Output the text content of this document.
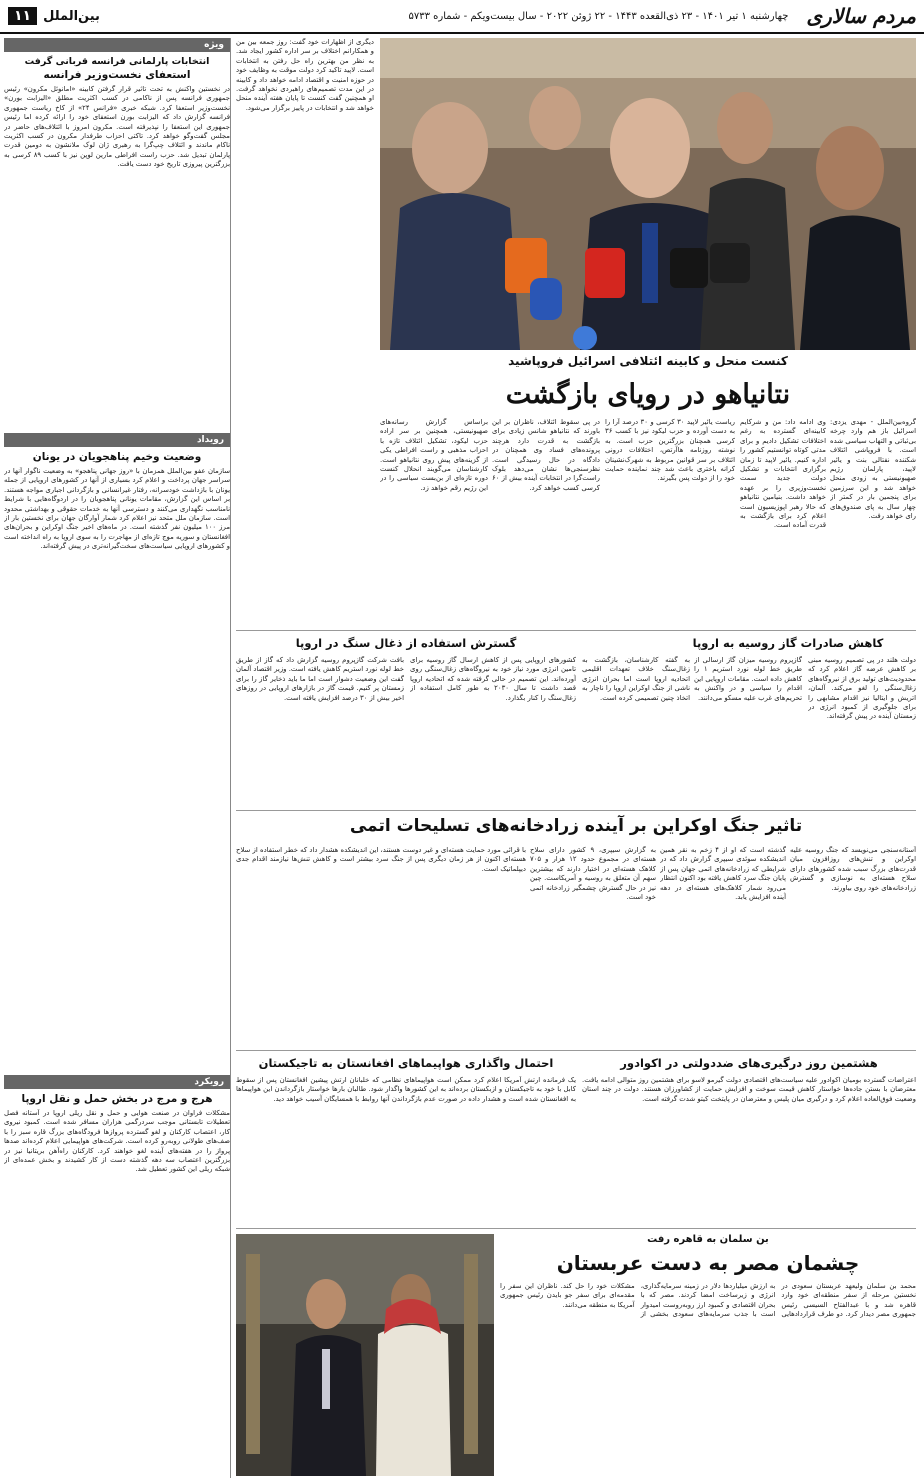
مردم سالاری
چهارشنبه ۱ تیر ۱۴۰۱ - ۲۳ ذی‌القعده ۱۴۴۳ - ۲۲ ژوئن ۲۰۲۲ - سال بیست‌ویکم - شماره ۵۷۳۳
بین‌الملل
۱۱
ویژه
انتخابات پارلمانی فرانسه قربانی گرفت
استعفای نخست‌وزیر فرانسه
در نخستین واکنش به تحت تاثیر قرار گرفتن کابینه «امانوئل مکرون» رئیس جمهوری فرانسه پس از ناکامی در کسب اکثریت مطلق «الیزابت بورن» نخست‌وزیر استعفا کرد. شبکه خبری «فرانس ۲۴» از کاخ ریاست جمهوری فرانسه گزارش داد که الیزابت بورن استعفای خود را ارائه کرده اما رئیس جمهوری این استعفا را نپذیرفته است. مکرون امروز با ائتلاف‌های حاضر در مجلس گفت‌وگو خواهد کرد. تاکتی احزاب طرفدار مکرون در کسب اکثریت ناکام ماندند و ائتلاف چپ‌گرا به رهبری ژان لوک ملانشون به دومین قدرت پارلمان تبدیل شد. حزب راست افراطی مارین لوپن نیز با کسب ۸۹ کرسی به بزرگترین پیروزی تاریخ خود دست یافت.
رویداد
وضعیت وخیم پناهجویان در یونان
سازمان عفو بین‌الملل همزمان با «روز جهانی پناهجو» به وضعیت ناگوار آنها در سراسر جهان پرداخت و اعلام کرد بسیاری از آنها در کشورهای اروپایی از جمله یونان با بازداشت خودسرانه، رفتار غیرانسانی و بازگردانی اجباری مواجه هستند. بر اساس این گزارش، مقامات یونانی پناهجویان را در اردوگاه‌هایی با شرایط نامناسب نگهداری می‌کنند و دسترسی آنها به خدمات حقوقی و بهداشتی محدود است. سازمان ملل متحد نیز اعلام کرد شمار آوارگان جهان برای نخستین بار از مرز ۱۰۰ میلیون نفر گذشته است. در ماه‌های اخیر جنگ اوکراین و بحران‌های افغانستان و سوریه موج تازه‌ای از مهاجرت را به سوی اروپا به راه انداخته است و کشورهای اروپایی سیاست‌های سخت‌گیرانه‌تری در پیش گرفته‌اند.
رویکرد
هرج و مرج در بخش حمل و نقل اروپا
مشکلات فراوان در صنعت هوایی و حمل و نقل ریلی اروپا در آستانه فصل تعطیلات تابستانی موجب سردرگمی هزاران مسافر شده است. کمبود نیروی کار، اعتصاب کارکنان و لغو گسترده پروازها فرودگاه‌های بزرگ قاره سبز را با صف‌های طولانی روبه‌رو کرده است. شرکت‌های هواپیمایی اعلام کرده‌اند صدها پرواز را در هفته‌های آینده لغو خواهند کرد. کارکنان راه‌آهن بریتانیا نیز در بزرگترین اعتصاب سه دهه گذشته دست از کار کشیدند و بخش عمده‌ای از شبکه ریلی این کشور تعطیل شد.
کنست منحل و کابینه ائتلافی اسرائیل فروپاشید
نتانیاهو در رویای بازگشت
گروه‌بین‌الملل - مهدی یزدی: اسرائیل باز هم وارد چرخه بی‌ثباتی و التهاب سیاسی شده است. با فروپاشی ائتلاف شکننده نفتالی بنت و یائیر لاپید، پارلمان رژیم صهیونیستی به زودی منحل خواهد شد و این سرزمین برای پنجمین بار در کمتر از چهار سال به پای صندوق‌های رای خواهد رفت.
وی ادامه داد: من و شرکایم کابینه‌ای گسترده به رغم اختلافات تشکیل دادیم و برای مدتی کوتاه توانستیم کشور را اداره کنیم. یائیر لاپید تا زمان برگزاری انتخابات و تشکیل دولت جدید سمت نخست‌وزیری را بر عهده خواهد داشت. بنیامین نتانیاهو که حالا رهبر اپوزیسیون است اعلام کرد برای بازگشت به قدرت آماده است.
ریاست یائیر لاپید ۳۰ کرسی و ۳۰ درصد آرا را به دست آورده و حزب لیکود نیز با کسب ۳۶ کرسی همچنان بزرگترین حزب است. به نوشته روزنامه هاآرتص، اختلافات درونی ائتلاف بر سر قوانین مربوط به شهرک‌نشینان کرانه باختری باعث شد چند نماینده حمایت خود را از دولت پس بگیرند.
در پی سقوط ائتلاف، ناظران بر این باورند که نتانیاهو شانس زیادی برای بازگشت به قدرت دارد هرچند پرونده‌های فساد وی همچنان در دادگاه در حال رسیدگی است. نظرسنجی‌ها نشان می‌دهد بلوک راست‌گرا در انتخابات آینده بیش از ۶۰ کرسی کسب خواهد کرد.
براساس گزارش رسانه‌های صهیونیستی، همچنین بر سر اراده حزب لیکود، تشکیل ائتلاف تازه با احزاب مذهبی و راست افراطی یکی از گزینه‌های پیش روی نتانیاهو است. کارشناسان می‌گویند انحلال کنست دوره تازه‌ای از بن‌بست سیاسی را در این رژیم رقم خواهد زد.
دیگری از اظهارات خود گفت: روز جمعه بین من و همکارانم اختلاف بر سر اداره کشور ایجاد شد. به نظر من بهترین راه حل رفتن به انتخابات است. لاپید تاکید کرد دولت موقت به وظایف خود در حوزه امنیت و اقتصاد ادامه خواهد داد و کابینه در این مدت تصمیم‌های راهبردی نخواهد گرفت. او همچنین گفت کنست تا پایان هفته آینده منحل خواهد شد و انتخابات در پاییز برگزار می‌شود.
کاهش صادرات گاز روسیه به اروپا
دولت هلند در پی تصمیم روسیه مبنی بر کاهش عرضه گاز اعلام کرد که محدودیت‌های تولید برق از نیروگاه‌های زغال‌سنگی را لغو می‌کند. آلمان، اتریش و ایتالیا نیز اقدام مشابهی را برای جلوگیری از کمبود انرژی در زمستان آینده در پیش گرفته‌اند.
گازپروم روسیه میزان گاز ارسالی از طریق خط لوله نورد استریم ۱ را کاهش داده است. مقامات اروپایی این اقدام را سیاسی و در واکنش به تحریم‌های غرب علیه مسکو می‌دانند.
به گفته کارشناسان، بازگشت به زغال‌سنگ خلاف تعهدات اقلیمی اتحادیه اروپا است اما بحران انرژی ناشی از جنگ اوکراین اروپا را ناچار به اتخاذ چنین تصمیمی کرده است.
گسترش استفاده از ذغال سنگ در اروپا
کشورهای اروپایی پس از کاهش ارسال گاز روسیه برای تامین انرژی مورد نیاز خود به نیروگاه‌های زغال‌سنگی روی آورده‌اند. این تصمیم در حالی گرفته شده که اتحادیه اروپا قصد داشت تا سال ۲۰۳۰ به طور کامل استفاده از زغال‌سنگ را کنار بگذارد.
بافت شرکت گازپروم روسیه گزارش داد که گاز از طریق خط لوله نورد استریم کاهش یافته است. وزیر اقتصاد آلمان گفت این وضعیت دشوار است اما ما باید ذخایر گاز را برای زمستان پر کنیم. قیمت گاز در بازارهای اروپایی در روزهای اخیر بیش از ۳۰ درصد افزایش یافته است.
تاثیر جنگ اوکراین بر آینده زرادخانه‌های تسلیحات اتمی
آستانه‌سنجی می‌نویسد که جنگ روسیه علیه اوکراین و تنش‌های روزافزون میان قدرت‌های بزرگ سبب شده کشورهای دارای سلاح هسته‌ای به نوسازی و گسترش زرادخانه‌های خود روی بیاورند.
گذشته است که او از ۴ زخم به نقر همین اندیشکده سوئدی سیپری گزارش داد که در شرایطی که زرادخانه‌های اتمی جهان پس از پایان جنگ سرد کاهش یافته بود اکنون انتظار می‌رود شمار کلاهک‌های هسته‌ای در دهه آینده افزایش یابد.
به گزارش سیپری، ۹ کشور دارای سلاح هسته‌ای در مجموع حدود ۱۲ هزار و ۷۰۵ کلاهک هسته‌ای در اختیار دارند که بیشترین سهم آن متعلق به روسیه و آمریکاست. چین نیز در حال گسترش چشمگیر زرادخانه اتمی خود است.
با قرائی مورد حمایت هسته‌ای و غیر دوست هستند، این اندیشکده هشدار داد که خطر استفاده از سلاح هسته‌ای اکنون از هر زمان دیگری پس از جنگ سرد بیشتر است و کاهش تنش‌ها نیازمند اقدام جدی دیپلماتیک است.
هشتمین روز درگیری‌های ضددولتی در اکوادور
اعتراضات گسترده بومیان اکوادور علیه سیاست‌های اقتصادی دولت گیرمو لاسو برای هشتمین روز متوالی ادامه یافت. معترضان با بستن جاده‌ها خواستار کاهش قیمت سوخت و افزایش حمایت از کشاورزان هستند. دولت در چند استان وضعیت فوق‌العاده اعلام کرد و درگیری میان پلیس و معترضان در پایتخت کیتو شدت گرفته است.
احتمال واگذاری هواپیماهای افغانستان به تاجیکستان
یک فرمانده ارتش آمریکا اعلام کرد ممکن است هواپیماهای نظامی که خلبانان ارتش پیشین افغانستان پس از سقوط کابل با خود به تاجیکستان و ازبکستان برده‌اند به این کشورها واگذار شود. طالبان بارها خواستار بازگرداندن این هواپیماها به افغانستان شده است و هشدار داده در صورت عدم بازگرداندن آنها روابط با همسایگان آسیب خواهد دید.
بن سلمان به قاهره رفت
چشمان مصر به دست عربستان
محمد بن سلمان ولیعهد عربستان سعودی در نخستین مرحله از سفر منطقه‌ای خود وارد قاهره شد و با عبدالفتاح السیسی رئیس جمهوری مصر دیدار کرد. دو طرف قراردادهایی به ارزش میلیاردها دلار در زمینه سرمایه‌گذاری، انرژی و زیرساخت امضا کردند. مصر که با بحران اقتصادی و کمبود ارز روبه‌روست امیدوار است با جذب سرمایه‌های سعودی بخشی از مشکلات خود را حل کند. ناظران این سفر را مقدمه‌ای برای سفر جو بایدن رئیس جمهوری آمریکا به منطقه می‌دانند.
